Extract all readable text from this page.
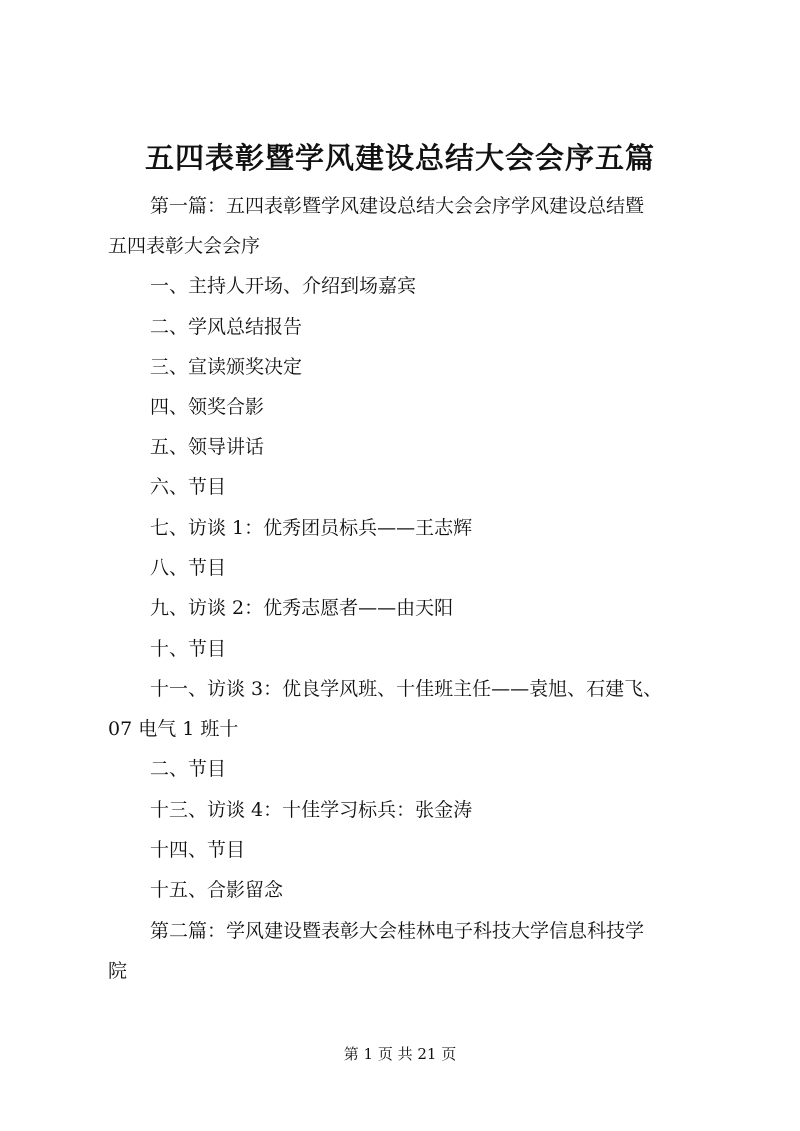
五四表彰暨学风建设总结大会会序五篇

第一篇：五四表彰暨学风建设总结大会会序学风建设总结暨

五四表彰大会会序

一、主持人开场、介绍到场嘉宾

二、学风总结报告

三、宣读颁奖决定

四、领奖合影

五、领导讲话

六、节目

七、访谈 1：优秀团员标兵——王志辉

八、节目

九、访谈 2：优秀志愿者——由天阳

十、节目

十一、访谈 3：优良学风班、十佳班主任——袁旭、石建飞、

07 电气 1 班十

二、节目

十三、访谈 4：十佳学习标兵：张金涛

十四、节目

十五、合影留念

第二篇：学风建设暨表彰大会桂林电子科技大学信息科技学

院

第 1 页 共 21 页
